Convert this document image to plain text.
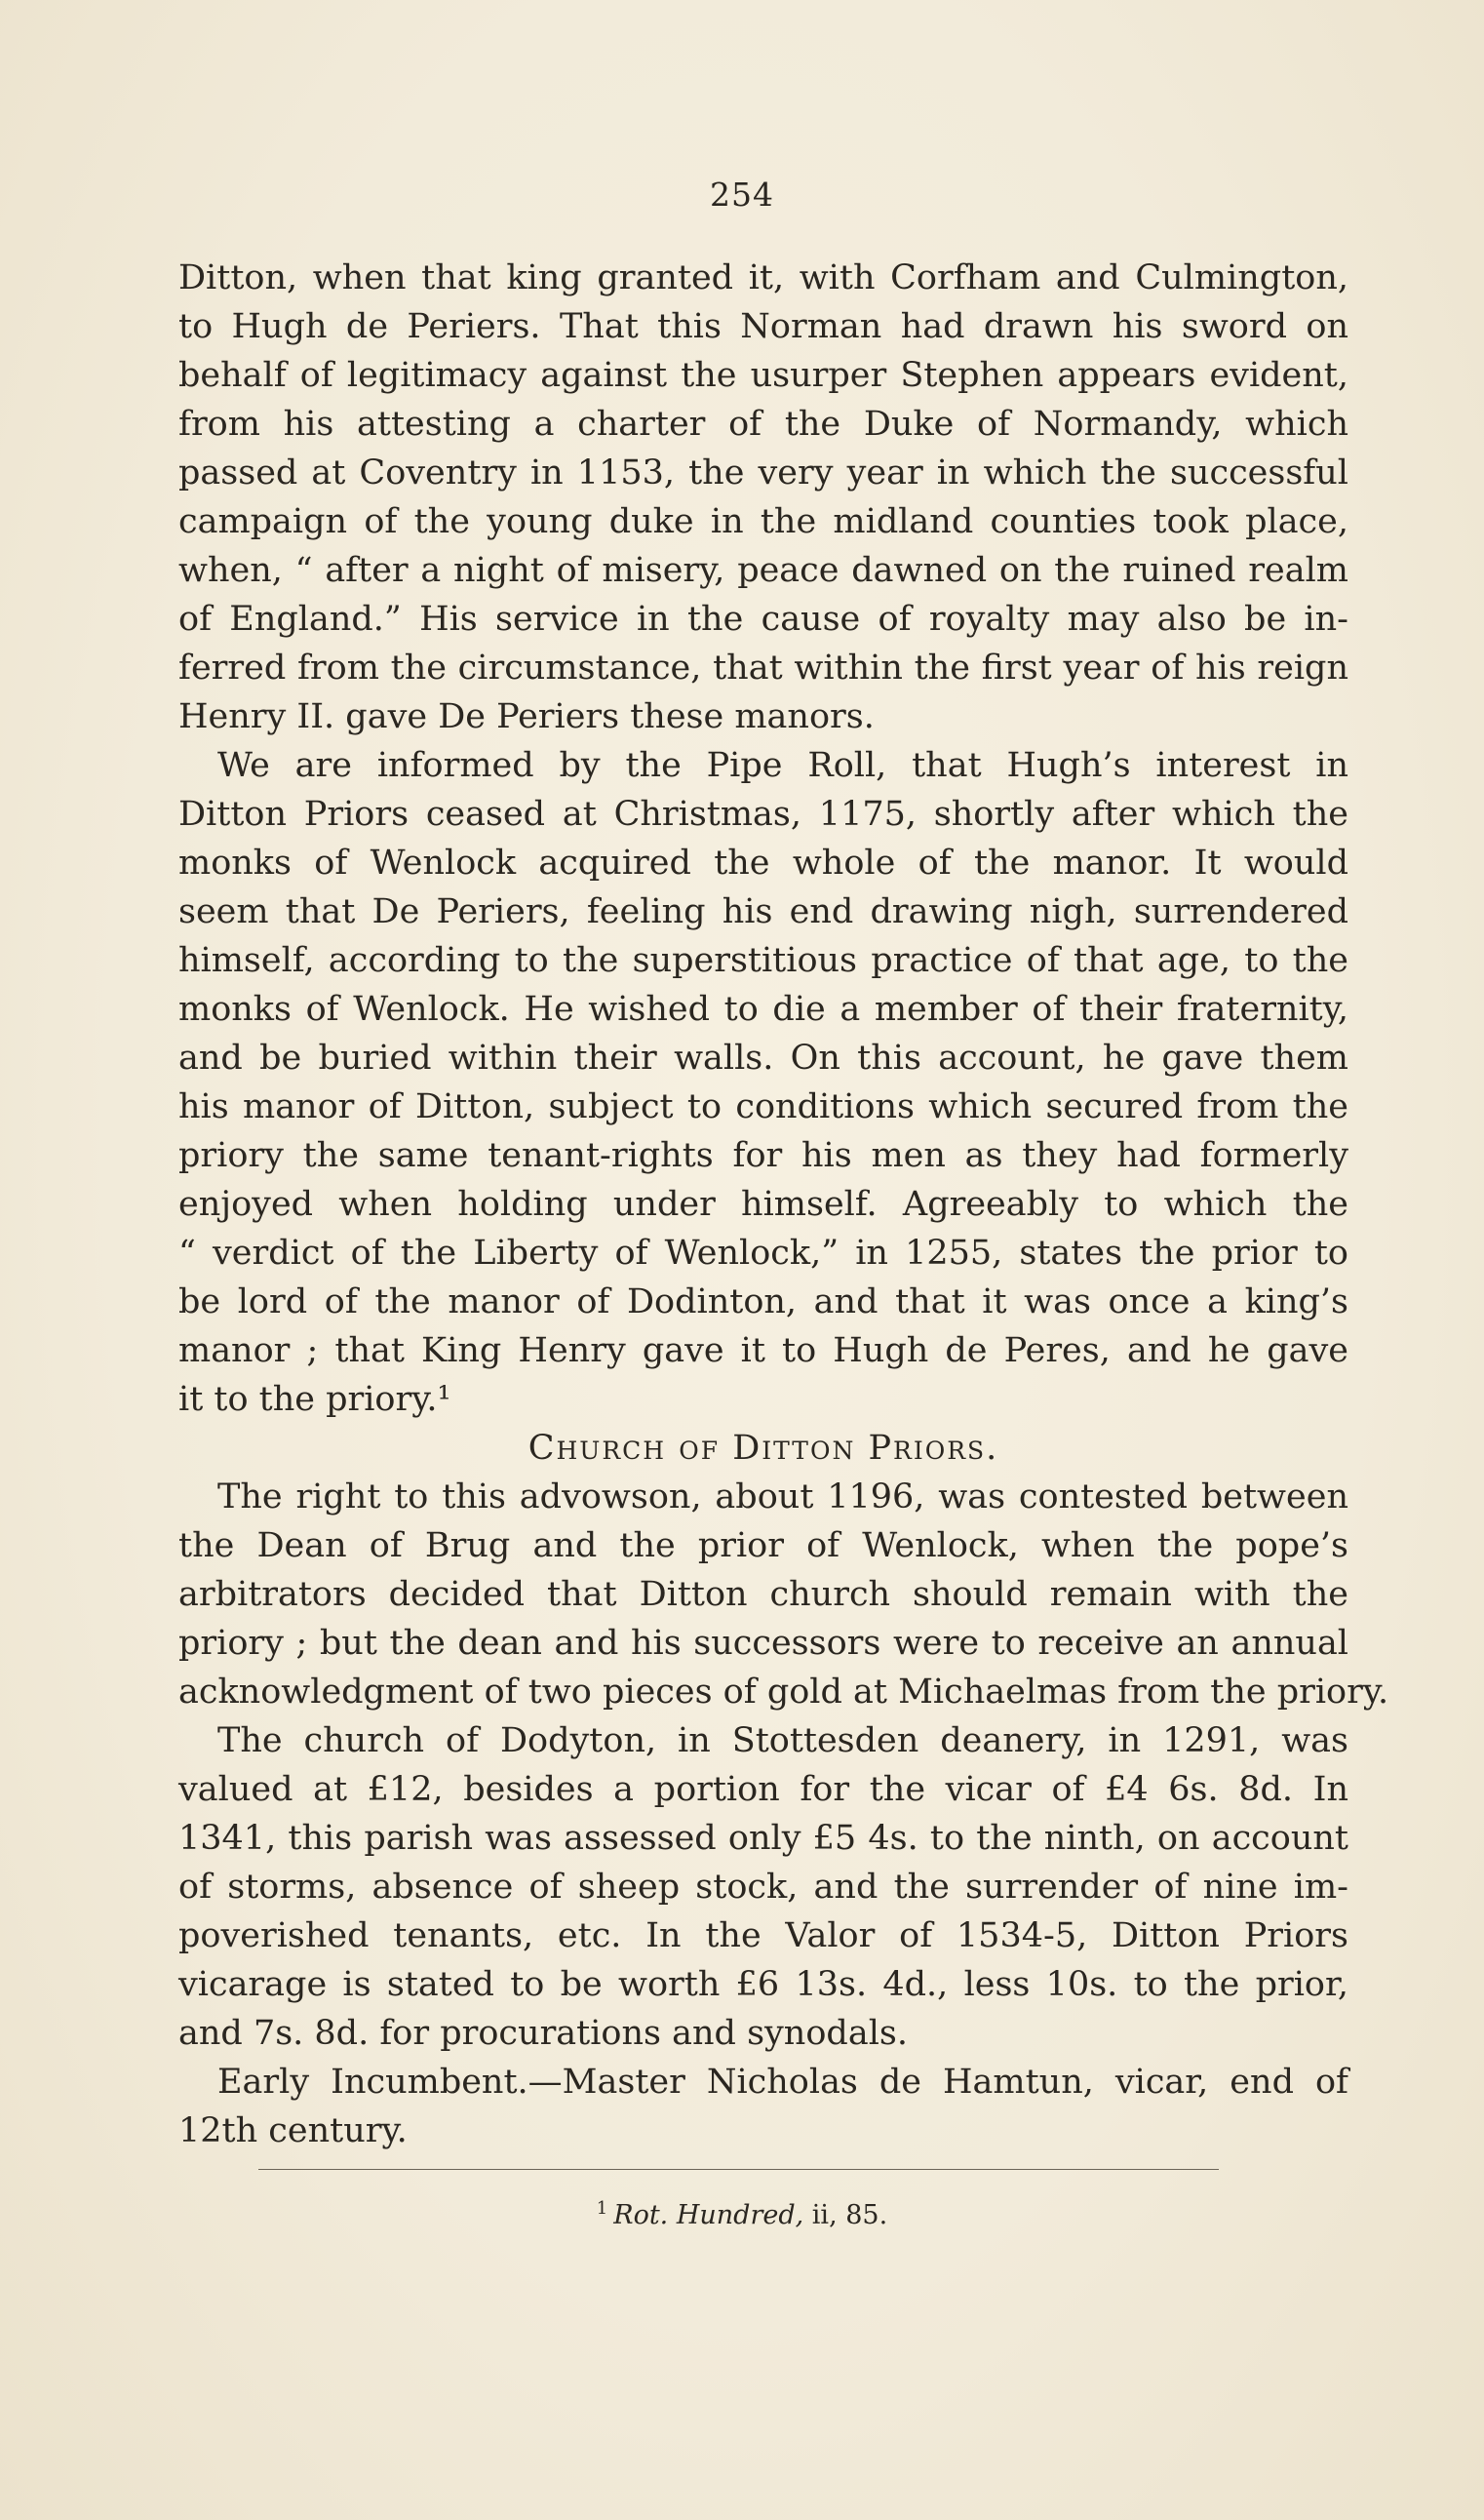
254
Ditton, when that king granted it, with Corfham and Culmington,
to Hugh de Periers. That this Norman had drawn his sword on
behalf of legitimacy against the usurper Stephen appears evident,
from his attesting a charter of the Duke of Normandy, which
passed at Coventry in 1153, the very year in which the successful
campaign of the young duke in the midland counties took place,
when, “ after a night of misery, peace dawned on the ruined realm
of England.” His service in the cause of royalty may also be in-
ferred from the circumstance, that within the first year of his reign
Henry II. gave De Periers these manors.
We are informed by the Pipe Roll, that Hugh’s interest in
Ditton Priors ceased at Christmas, 1175, shortly after which the
monks of Wenlock acquired the whole of the manor. It would
seem that De Periers, feeling his end drawing nigh, surrendered
himself, according to the superstitious practice of that age, to the
monks of Wenlock. He wished to die a member of their fraternity,
and be buried within their walls. On this account, he gave them
his manor of Ditton, subject to conditions which secured from the
priory the same tenant-rights for his men as they had formerly
enjoyed when holding under himself. Agreeably to which the
“ verdict of the Liberty of Wenlock,” in 1255, states the prior to
be lord of the manor of Dodinton, and that it was once a king’s
manor ; that King Henry gave it to Hugh de Peres, and he gave
it to the priory.¹
Church of Ditton Priors.
The right to this advowson, about 1196, was contested between
the Dean of Brug and the prior of Wenlock, when the pope’s
arbitrators decided that Ditton church should remain with the
priory ; but the dean and his successors were to receive an annual
acknowledgment of two pieces of gold at Michaelmas from the priory.
The church of Dodyton, in Stottesden deanery, in 1291, was
valued at £12, besides a portion for the vicar of £4 6s. 8d. In
1341, this parish was assessed only £5 4s. to the ninth, on account
of storms, absence of sheep stock, and the surrender of nine im-
poverished tenants, etc. In the Valor of 1534-5, Ditton Priors
vicarage is stated to be worth £6 13s. 4d., less 10s. to the prior,
and 7s. 8d. for procurations and synodals.
Early Incumbent.—Master Nicholas de Hamtun, vicar, end of
12th century.
$^1$ Rot. Hundred, ii, 85.
